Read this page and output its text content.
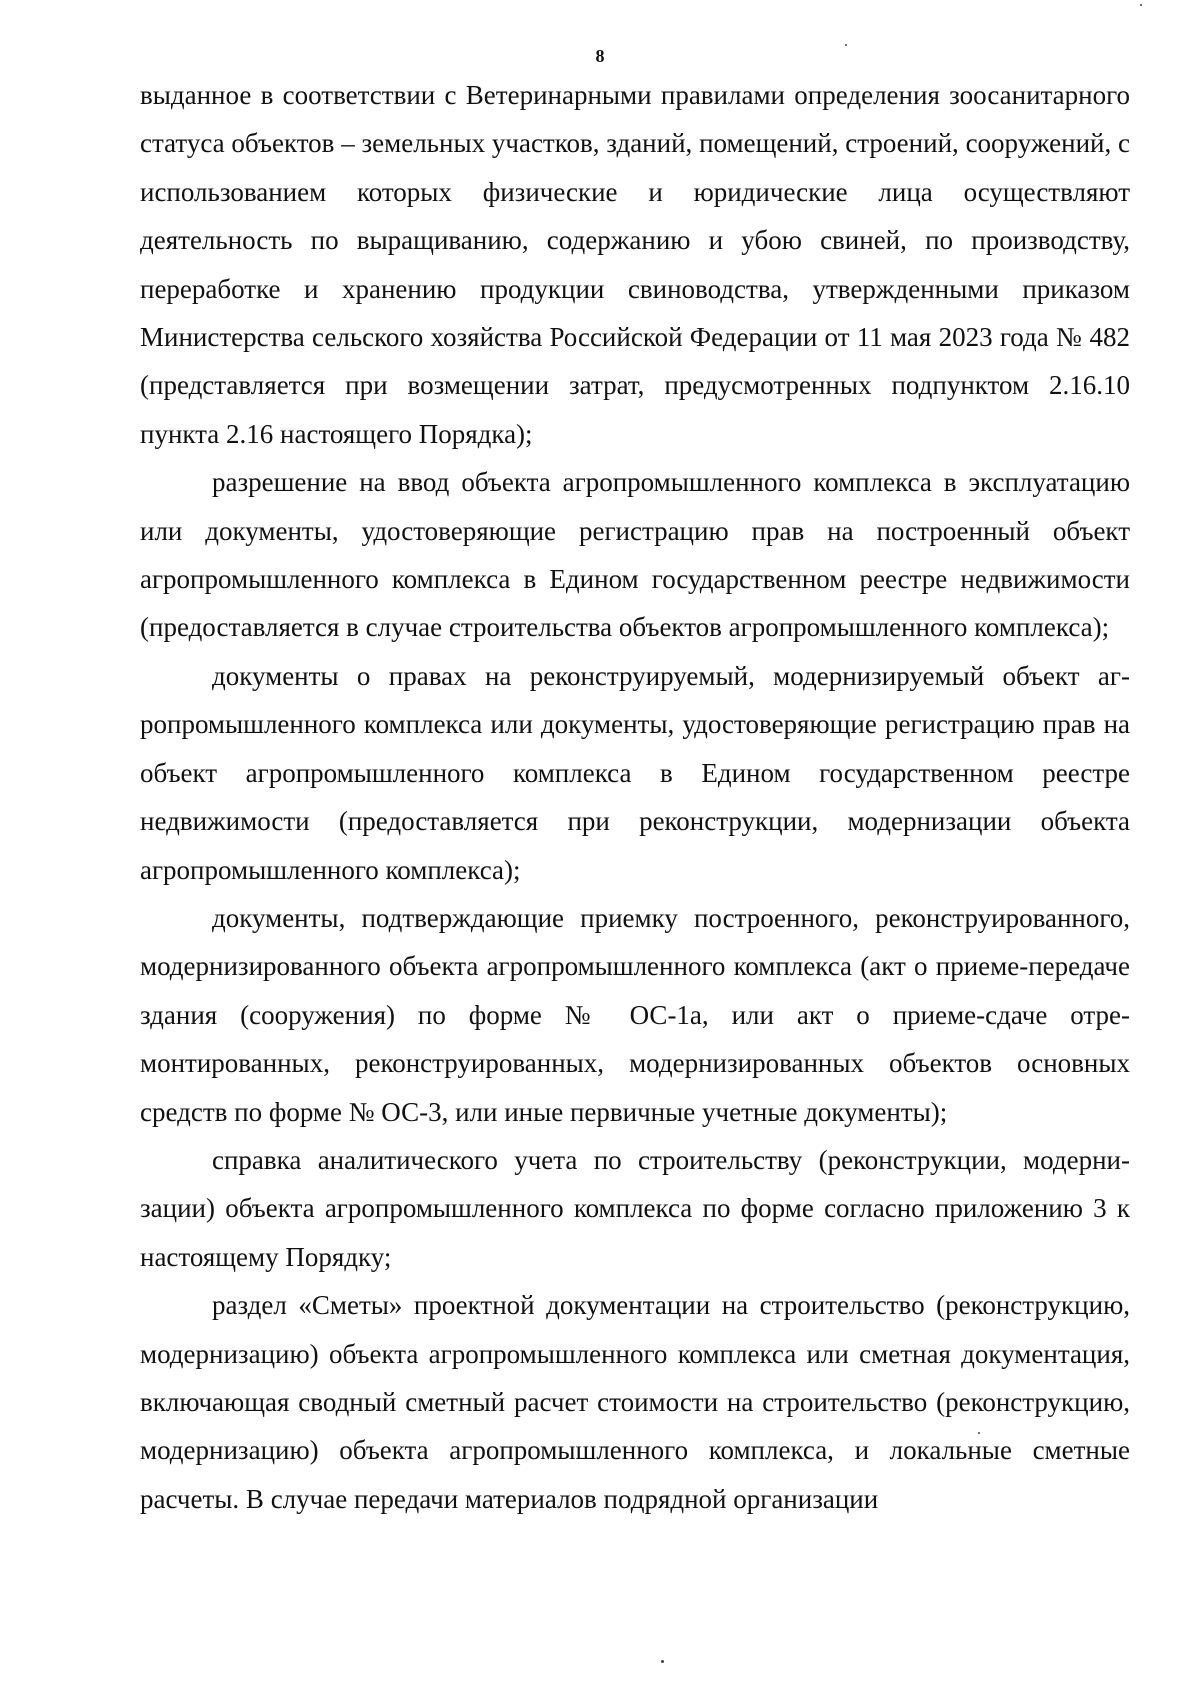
8

выданное в соответствии с Ветеринарными правилами определения зоосанитарного статуса объектов – земельных участков, зданий, помещений, строений, сооружений, с использованием которых физические и юридические лица осуществляют деятельность по выращиванию, содержанию и убою свиней, по производству, переработке и хранению продукции свиноводства, утвержденными приказом Министерства сельского хозяйства Российской Федерации от 11 мая 2023 года № 482 (представляется при возмещении затрат, предусмотренных подпунктом 2.16.10 пункта 2.16 настоящего Порядка);

разрешение на ввод объекта агропромышленного комплекса в эксплуатацию или документы, удостоверяющие регистрацию прав на построенный объект агропромышленного комплекса в Едином государственном реестре недвижимости (предоставляется в случае строительства объектов агропромышленного комплекса);

документы о правах на реконструируемый, модернизируемый объект агропромышленного комплекса или документы, удостоверяющие регистрацию прав на объект агропромышленного комплекса в Едином государственном реестре недвижимости (предоставляется при реконструкции, модернизации объекта агропромышленного комплекса);

документы, подтверждающие приемку построенного, реконструированного, модернизированного объекта агропромышленного комплекса (акт о приеме-передаче здания (сооружения) по форме № ОС-1а, или акт о приеме-сдаче отремонтированных, реконструированных, модернизированных объектов основных средств по форме № ОС-3, или иные первичные учетные документы);

справка аналитического учета по строительству (реконструкции, модернизации) объекта агропромышленного комплекса по форме согласно приложению 3 к настоящему Порядку;

раздел «Сметы» проектной документации на строительство (реконструкцию, модернизацию) объекта агропромышленного комплекса или сметная документация, включающая сводный сметный расчет стоимости на строительство (реконструкцию, модернизацию) объекта агропромышленного комплекса, и локальные сметные расчеты. В случае передачи материалов подрядной организации
